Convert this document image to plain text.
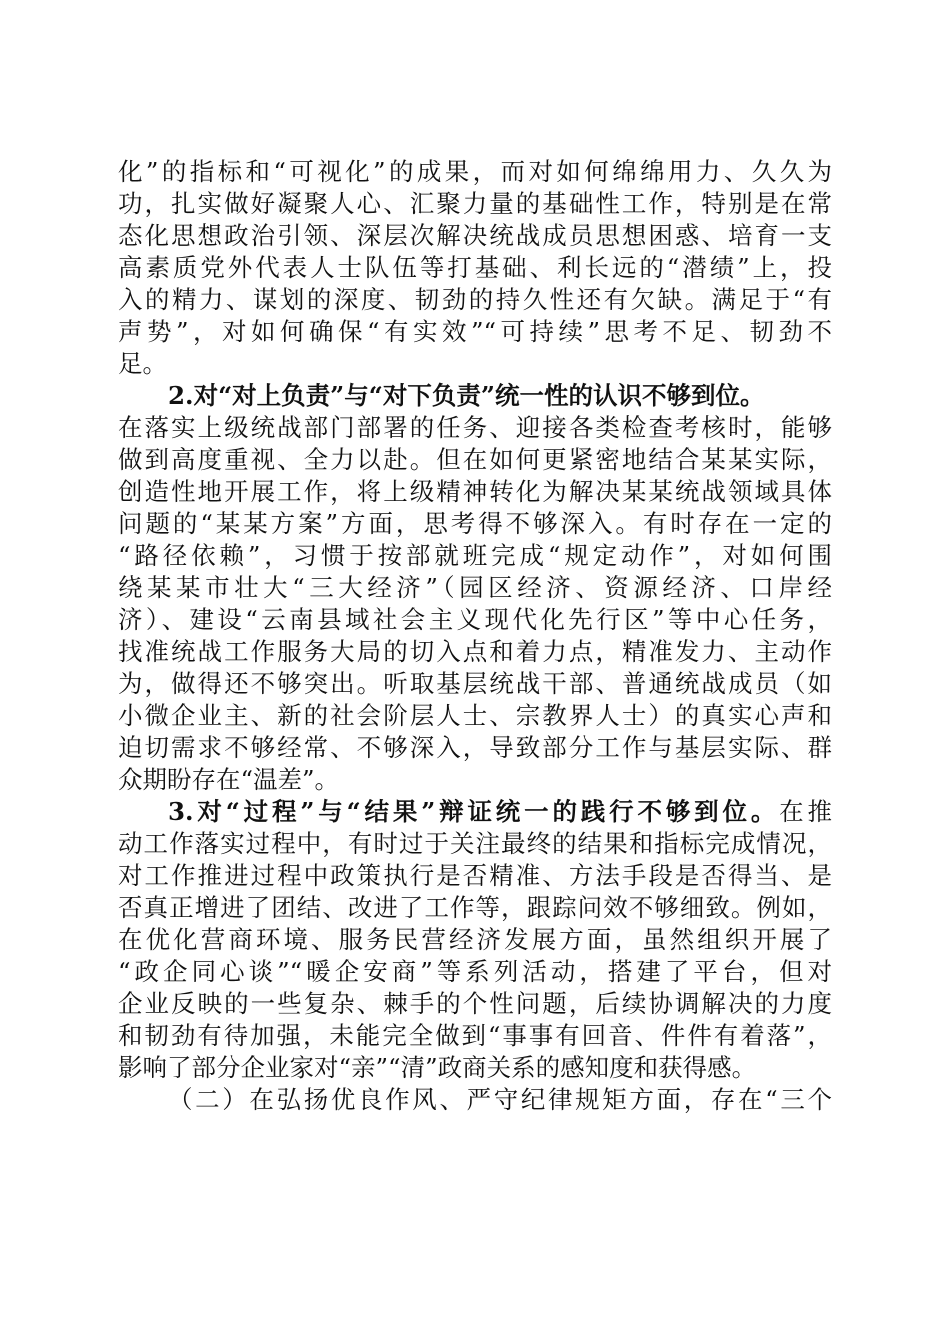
化”的指标和“可视化”的成果，而对如何绵绵用力、久久为
功，扎实做好凝聚人心、汇聚力量的基础性工作，特别是在常
态化思想政治引领、深层次解决统战成员思想困惑、培育一支
高素质党外代表人士队伍等打基础、利长远的“潜绩”上，投
入的精力、谋划的深度、韧劲的持久性还有欠缺。满足于“有
声势”，对如何确保“有实效”“可持续”思考不足、韧劲不
足。
2.对“对上负责”与“对下负责”统一性的认识不够到位。
在落实上级统战部门部署的任务、迎接各类检查考核时，能够
做到高度重视、全力以赴。但在如何更紧密地结合某某实际，
创造性地开展工作，将上级精神转化为解决某某统战领域具体
问题的“某某方案”方面，思考得不够深入。有时存在一定的
“路径依赖”，习惯于按部就班完成“规定动作”，对如何围
绕某某市壮大“三大经济”（园区经济、资源经济、口岸经
济）、建设“云南县域社会主义现代化先行区”等中心任务，
找准统战工作服务大局的切入点和着力点，精准发力、主动作
为，做得还不够突出。听取基层统战干部、普通统战成员（如
小微企业主、新的社会阶层人士、宗教界人士）的真实心声和
迫切需求不够经常、不够深入，导致部分工作与基层实际、群
众期盼存在“温差”。
3.对“过程”与“结果”辩证统一的践行不够到位。在推
动工作落实过程中，有时过于关注最终的结果和指标完成情况，
对工作推进过程中政策执行是否精准、方法手段是否得当、是
否真正增进了团结、改进了工作等，跟踪问效不够细致。例如，
在优化营商环境、服务民营经济发展方面，虽然组织开展了
“政企同心谈”“暖企安商”等系列活动，搭建了平台，但对
企业反映的一些复杂、棘手的个性问题，后续协调解决的力度
和韧劲有待加强，未能完全做到“事事有回音、件件有着落”，
影响了部分企业家对“亲”“清”政商关系的感知度和获得感。
（二）在弘扬优良作风、严守纪律规矩方面，存在“三个
